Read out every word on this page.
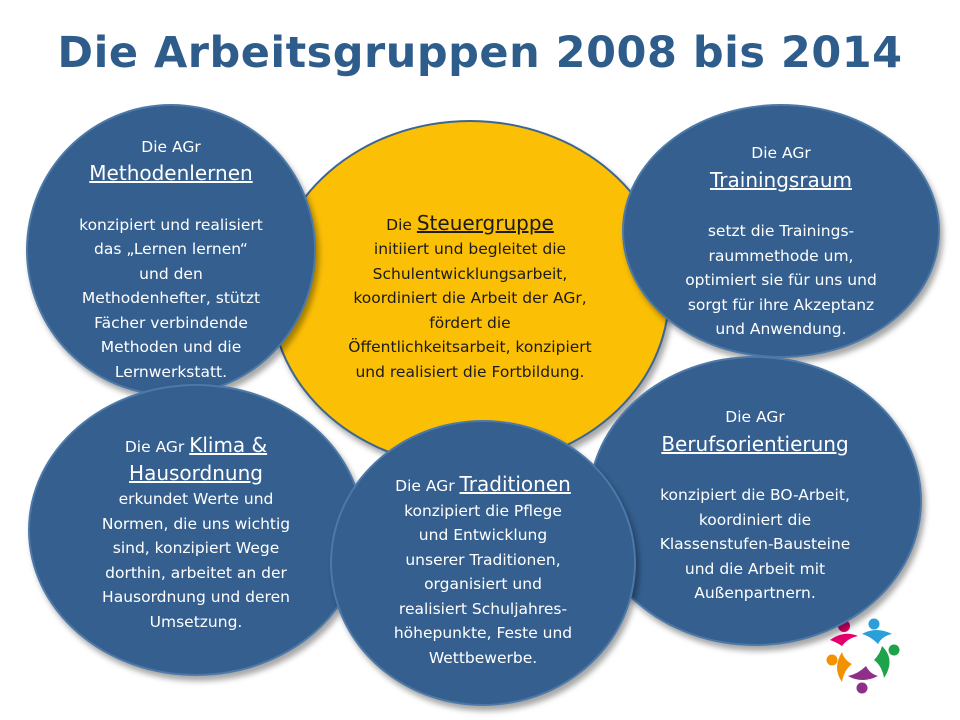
Die Arbeitsgruppen 2008 bis 2014

Die Steuergruppe
initiiert und begleitet die
Schulentwicklungsarbeit,
koordiniert die Arbeit der AGr,
fördert die
Öffentlichkeitsarbeit, konzipiert
und realisiert die Fortbildung.

Die AGr

Methodenlernen

konzipiert und realisiert
das „Lernen lernen“
und den
Methodenhefter, stützt
Fächer verbindende
Methoden und die
Lernwerkstatt.

Die AGr

Trainingsraum

setzt die Trainings-
raummethode um,
optimiert sie für uns und
sorgt für ihre Akzeptanz
und Anwendung.

Die AGr

Berufsorientierung

konzipiert die BO-Arbeit,
koordiniert die
Klassenstufen-Bausteine
und die Arbeit mit
Außenpartnern.

Die AGr Klima &
Hausordnung
erkundet Werte und
Normen, die uns wichtig
sind, konzipiert Wege
dorthin, arbeitet an der
Hausordnung und deren
Umsetzung.

Die AGr Traditionen
konzipiert die Pflege
und Entwicklung
unserer Traditionen,
organisiert und
realisiert Schuljahres-
höhepunkte, Feste und
Wettbewerbe.
